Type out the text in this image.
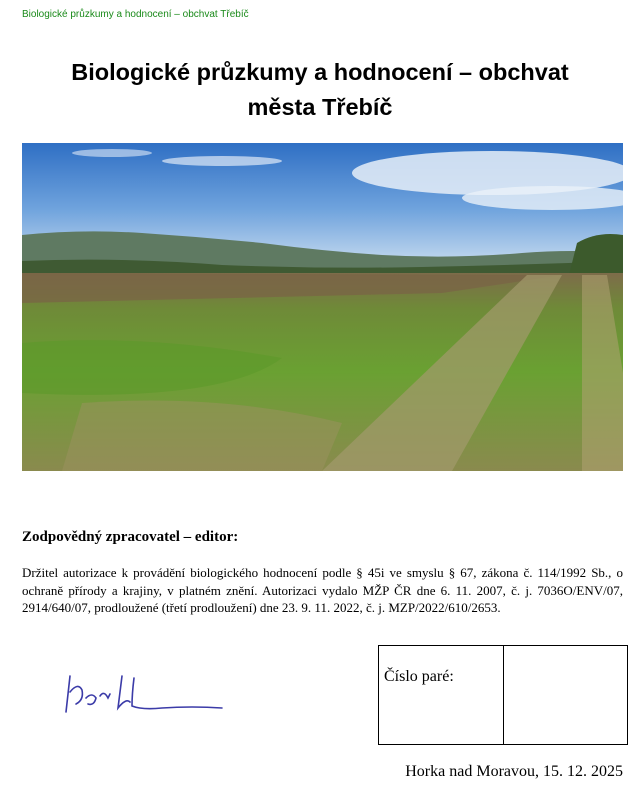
Biologické průzkumy a hodnocení – obchvat Třebíč
Biologické průzkumy a hodnocení – obchvat
města Třebíč
Zodpovědný zpracovatel – editor:

Držitel autorizace k provádění biologického hodnocení podle § 45i ve smyslu § 67, zákona č. 114/1992 Sb., o ochraně přírody a krajiny, v platném znění. Autorizaci vydalo MŽP ČR dne 6. 11. 2007, č. j. 7036O/ENV/07, 2914/640/07, prodloužené (třetí prodloužení) dne 23. 9. 11. 2022, č. j. MZP/2022/610/2653.

Číslo paré:
Horka nad Moravou, 15. 12. 2025
